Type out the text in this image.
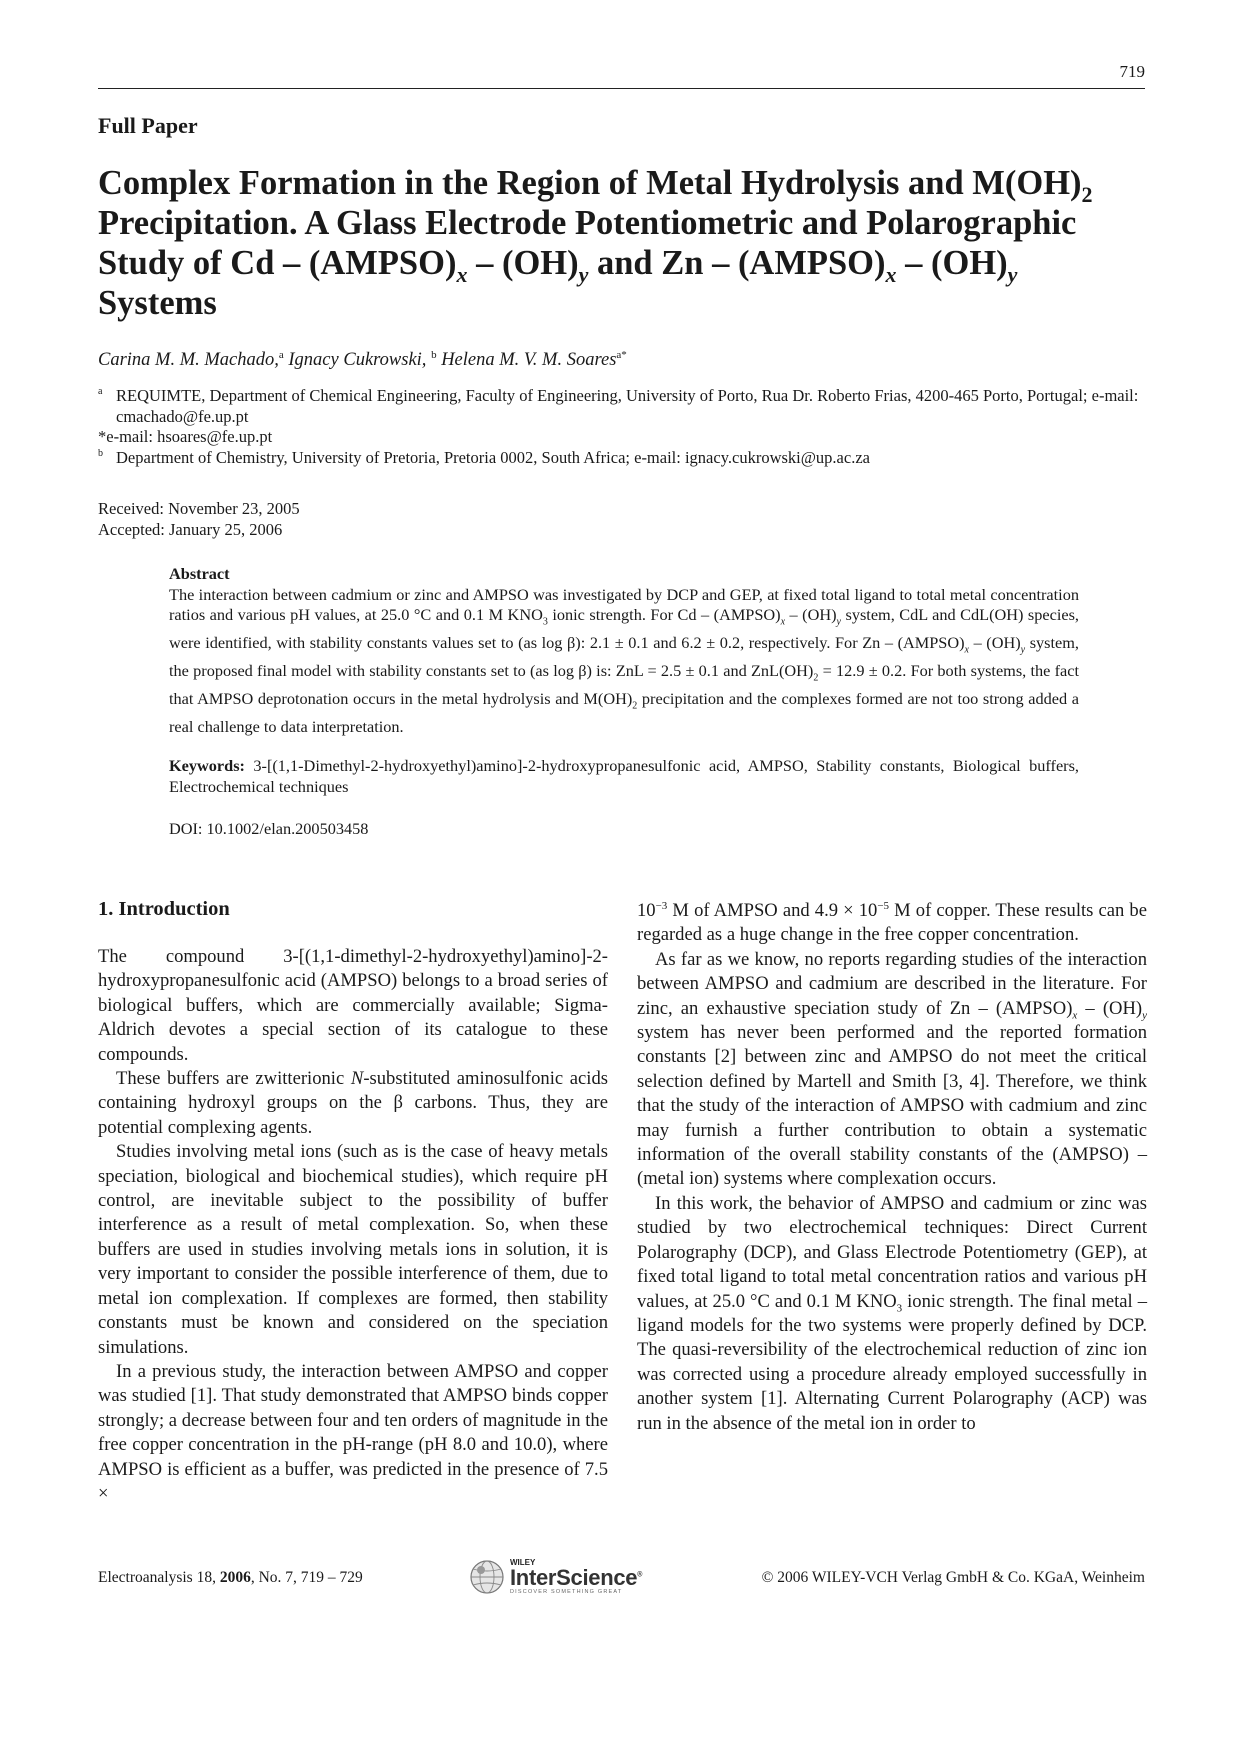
719
Full Paper
Complex Formation in the Region of Metal Hydrolysis and $M(OH)_2$ Precipitation. A Glass Electrode Potentiometric and Polarographic Study of Cd – $(AMPSO)_x - (OH)_y$ and Zn – $(AMPSO)_x - (OH)_y$
Systems
Carina M. M. Machado,$^a$ Ignacy Cukrowski, $^b$ Helena M. V. M. Soares$^{a*}$
a REQUIMTE, Department of Chemical Engineering, Faculty of Engineering, University of Porto, Rua Dr. Roberto Frias, 4200-465 Porto, Portugal; e-mail: cmachado@fe.up.pt
*e-mail: hsoares@fe.up.pt
b Department of Chemistry, University of Pretoria, Pretoria 0002, South Africa; e-mail: ignacy.cukrowski@up.ac.za
Received: November 23, 2005
Accepted: January 25, 2006
Abstract

The interaction between cadmium or zinc and AMPSO was investigated by DCP and GEP, at fixed total ligand to total metal concentration ratios and various pH values, at 25.0 °C and 0.1 M $KNO_3$ ionic strength. For Cd – $(AMPSO)_x - (OH)_y$ system, CdL and CdL(OH) species, were identified, with stability constants values set to (as log β): 2.1 ± 0.1 and 6.2 ± 0.2, respectively. For Zn – $(AMPSO)_x - (OH)_y$ system, the proposed final model with stability constants set to (as log β) is: ZnL = 2.5 ± 0.1 and $ZnL(OH)_2 = 12.9 \pm 0.2$. For both systems, the fact that AMPSO deprotonation occurs in the metal hydrolysis and $M(OH)_2$ precipitation and the complexes formed are not too strong added a real challenge to data interpretation.

Keywords: 3-[(1,1-Dimethyl-2-hydroxyethyl)amino]-2-hydroxypropanesulfonic acid, AMPSO, Stability constants, Biological buffers, Electrochemical techniques
DOI: 10.1002/elan.200503458
1. Introduction

The compound 3-[(1,1-dimethyl-2-hydroxyethyl)amino]-2-hydroxypropanesulfonic acid (AMPSO) belongs to a broad series of biological buffers, which are commercially available; Sigma-Aldrich devotes a special section of its catalogue to these compounds.

These buffers are zwitterionic N-substituted aminosulfonic acids containing hydroxyl groups on the β carbons. Thus, they are potential complexing agents.

Studies involving metal ions (such as is the case of heavy metals speciation, biological and biochemical studies), which require pH control, are inevitable subject to the possibility of buffer interference as a result of metal complexation. So, when these buffers are used in studies involving metals ions in solution, it is very important to consider the possible interference of them, due to metal ion complexation. If complexes are formed, then stability constants must be known and considered on the speciation simulations.

In a previous study, the interaction between AMPSO and copper was studied [1]. That study demonstrated that AMPSO binds copper strongly; a decrease between four and ten orders of magnitude in the free copper concentration in the pH-range (pH 8.0 and 10.0), where AMPSO is efficient as a buffer, was predicted in the presence of 7.5 ×

$10^{-3}$ M of AMPSO and $4.9 \times 10^{-5}$ M of copper. These results can be regarded as a huge change in the free copper concentration.

As far as we know, no reports regarding studies of the interaction between AMPSO and cadmium are described in the literature. For zinc, an exhaustive speciation study of Zn – $(AMPSO)_x - (OH)_y$ system has never been performed and the reported formation constants [2] between zinc and AMPSO do not meet the critical selection defined by Martell and Smith [3, 4]. Therefore, we think that the study of the interaction of AMPSO with cadmium and zinc may furnish a further contribution to obtain a systematic information of the overall stability constants of the (AMPSO) – (metal ion) systems where complexation occurs.

In this work, the behavior of AMPSO and cadmium or zinc was studied by two electrochemical techniques: Direct Current Polarography (DCP), and Glass Electrode Potentiometry (GEP), at fixed total ligand to total metal concentration ratios and various pH values, at 25.0 °C and 0.1 M $KNO_3$ ionic strength. The final metal – ligand models for the two systems were properly defined by DCP. The quasi-reversibility of the electrochemical reduction of zinc ion was corrected using a procedure already employed successfully in another system [1]. Alternating Current Polarography (ACP) was run in the absence of the metal ion in order to

Electroanalysis 18, 2006, No. 7, 719 – 729
WILEY
InterScience®
DISCOVER SOMETHING GREAT
© 2006 WILEY-VCH Verlag GmbH & Co. KGaA, Weinheim
